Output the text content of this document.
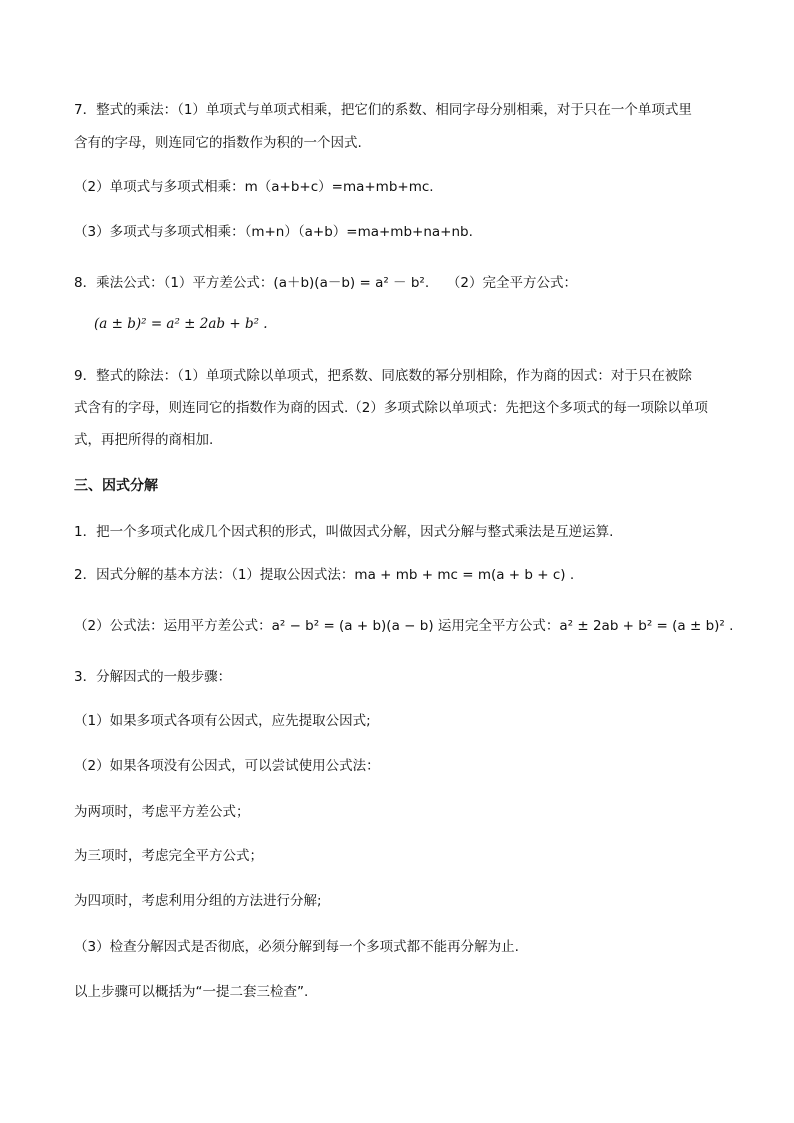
7．整式的乘法：（1）单项式与单项式相乘，把它们的系数、相同字母分别相乘，对于只在一个单项式里
含有的字母，则连同它的指数作为积的一个因式.
（2）单项式与多项式相乘：m（a+b+c）=ma+mb+mc.
（3）多项式与多项式相乘：（m+n）（a+b）=ma+mb+na+nb.
8．乘法公式：（1）平方差公式：(a＋b)(a－b) = a² － b².　 （2）完全平方公式：
(a ± b)² = a² ± 2ab + b² .
9．整式的除法：（1）单项式除以单项式，把系数、同底数的幂分别相除，作为商的因式：对于只在被除
式含有的字母，则连同它的指数作为商的因式.（2）多项式除以单项式：先把这个多项式的每一项除以单项
式，再把所得的商相加.
三、因式分解
1．把一个多项式化成几个因式积的形式，叫做因式分解，因式分解与整式乘法是互逆运算.
2．因式分解的基本方法：（1）提取公因式法：ma + mb + mc = m(a + b + c) .
（2）公式法：运用平方差公式：a² − b² = (a + b)(a − b) 运用完全平方公式：a² ± 2ab + b² = (a ± b)² .
3．分解因式的一般步骤：
（1）如果多项式各项有公因式，应先提取公因式;
（2）如果各项没有公因式，可以尝试使用公式法：
为两项时，考虑平方差公式；
为三项时，考虑完全平方公式；
为四项时，考虑利用分组的方法进行分解;
（3）检查分解因式是否彻底，必须分解到每一个多项式都不能再分解为止.
以上步骤可以概括为“一提二套三检查”.
